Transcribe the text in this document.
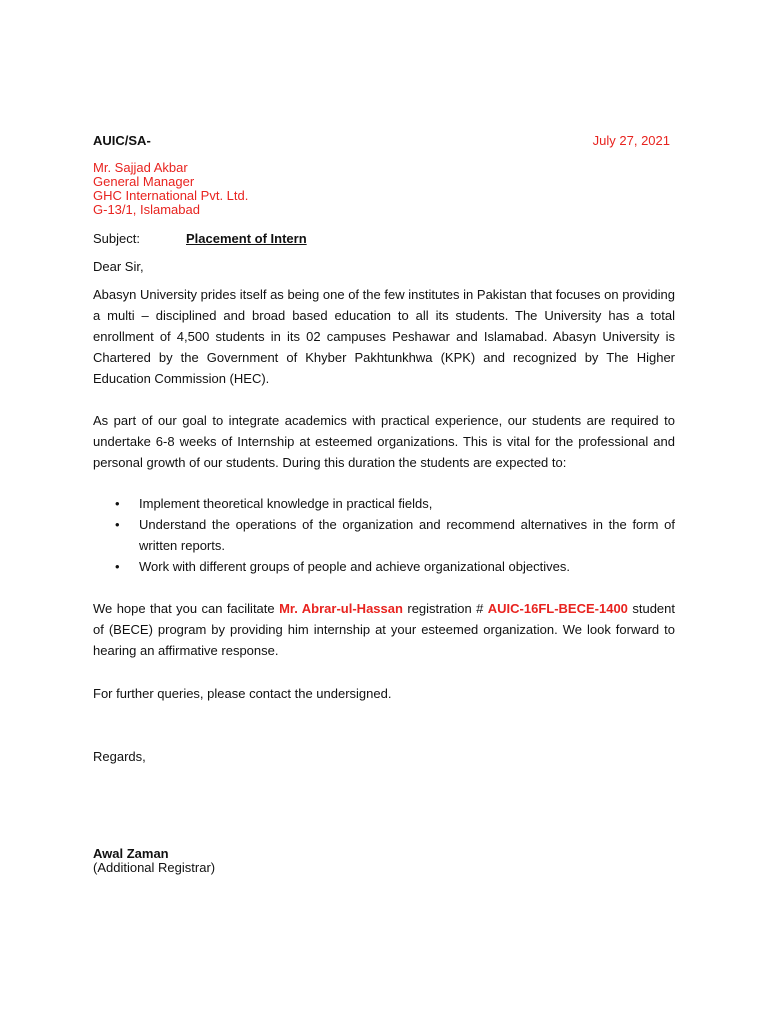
AUIC/SA-	July 27, 2021
Mr. Sajjad Akbar
General Manager
GHC International Pvt. Ltd.
G-13/1, Islamabad
Subject:	Placement of Intern
Dear Sir,

Abasyn University prides itself as being one of the few institutes in Pakistan that focuses on providing a multi – disciplined and broad based education to all its students. The University has a total enrollment of 4,500 students in its 02 campuses Peshawar and Islamabad. Abasyn University is Chartered by the Government of Khyber Pakhtunkhwa (KPK) and recognized by The Higher Education Commission (HEC).

As part of our goal to integrate academics with practical experience, our students are required to undertake 6-8 weeks of Internship at esteemed organizations. This is vital for the professional and personal growth of our students. During this duration the students are expected to:

• Implement theoretical knowledge in practical fields,
• Understand the operations of the organization and recommend alternatives in the form of written reports.
• Work with different groups of people and achieve organizational objectives.

We hope that you can facilitate Mr. Abrar-ul-Hassan registration # AUIC-16FL-BECE-1400 student of (BECE) program by providing him internship at your esteemed organization. We look forward to hearing an affirmative response.

For further queries, please contact the undersigned.
Regards,
Awal Zaman
(Additional Registrar)
